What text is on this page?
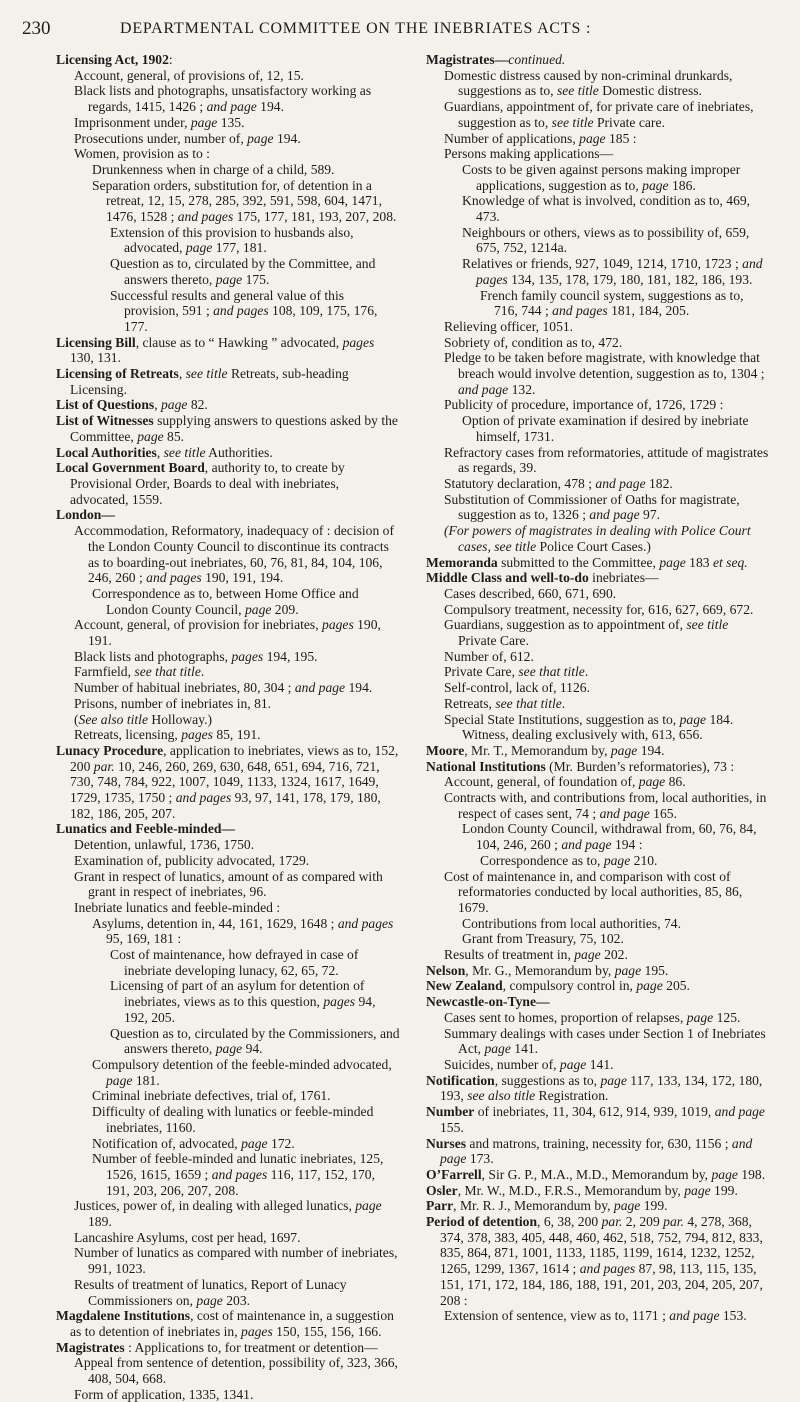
230	DEPARTMENTAL COMMITTEE ON THE INEBRIATES ACTS :

Licensing Act, 1902:

Account, general, of provisions of, 12, 15.

Black lists and photographs, unsatisfactory working as regards, 1415, 1426 ; and page 194.

Imprisonment under, page 135.

Prosecutions under, number of, page 194.

Women, provision as to :

Drunkenness when in charge of a child, 589.

Separation orders, substitution for, of detention in a retreat, 12, 15, 278, 285, 392, 591, 598, 604, 1471, 1476, 1528 ; and pages 175, 177, 181, 193, 207, 208.

Extension of this provision to husbands also, advocated, page 177, 181.

Question as to, circulated by the Committee, and answers thereto, page 175.

Successful results and general value of this provision, 591 ; and pages 108, 109, 175, 176, 177.

Licensing Bill, clause as to “ Hawking ” advocated, pages 130, 131.

Licensing of Retreats, see title Retreats, sub-heading Licensing.

List of Questions, page 82.

List of Witnesses supplying answers to questions asked by the Committee, page 85.

Local Authorities, see title Authorities.

Local Government Board, authority to, to create by Provisional Order, Boards to deal with inebriates, advocated, 1559.

London—

Accommodation, Reformatory, inadequacy of : decision of the London County Council to discontinue its contracts as to boarding-out inebriates, 60, 76, 81, 84, 104, 106, 246, 260 ; and pages 190, 191, 194.

Correspondence as to, between Home Office and London County Council, page 209.

Account, general, of provision for inebriates, pages 190, 191.

Black lists and photographs, pages 194, 195.

Farmfield, see that title.

Number of habitual inebriates, 80, 304 ; and page 194.

Prisons, number of inebriates in, 81.

(See also title Holloway.)

Retreats, licensing, pages 85, 191.

Lunacy Procedure, application to inebriates, views as to, 152, 200 par. 10, 246, 260, 269, 630, 648, 651, 694, 716, 721, 730, 748, 784, 922, 1007, 1049, 1133, 1324, 1617, 1649, 1729, 1735, 1750 ; and pages 93, 97, 141, 178, 179, 180, 182, 186, 205, 207.

Lunatics and Feeble-minded—

Detention, unlawful, 1736, 1750.

Examination of, publicity advocated, 1729.

Grant in respect of lunatics, amount of as compared with grant in respect of inebriates, 96.

Inebriate lunatics and feeble-minded :

Asylums, detention in, 44, 161, 1629, 1648 ; and pages 95, 169, 181 :

Cost of maintenance, how defrayed in case of inebriate developing lunacy, 62, 65, 72.

Licensing of part of an asylum for detention of inebriates, views as to this question, pages 94, 192, 205.

Question as to, circulated by the Commissioners, and answers thereto, page 94.

Compulsory detention of the feeble-minded advocated, page 181.

Criminal inebriate defectives, trial of, 1761.

Difficulty of dealing with lunatics or feeble-minded inebriates, 1160.

Notification of, advocated, page 172.

Number of feeble-minded and lunatic inebriates, 125, 1526, 1615, 1659 ; and pages 116, 117, 152, 170, 191, 203, 206, 207, 208.

Justices, power of, in dealing with alleged lunatics, page 189.

Lancashire Asylums, cost per head, 1697.

Number of lunatics as compared with number of inebriates, 991, 1023.

Results of treatment of lunatics, Report of Lunacy Commissioners on, page 203.

Magdalene Institutions, cost of maintenance in, a suggestion as to detention of inebriates in, pages 150, 155, 156, 166.

Magistrates : Applications to, for treatment or detention—

Appeal from sentence of detention, possibility of, 323, 366, 408, 504, 668.

Form of application, 1335, 1341.

Magistrates—continued.

Domestic distress caused by non-criminal drunkards, suggestions as to, see title Domestic distress.

Guardians, appointment of, for private care of inebriates, suggestion as to, see title Private care.

Number of applications, page 185 :

Persons making applications—

Costs to be given against persons making improper applications, suggestion as to, page 186.

Knowledge of what is involved, condition as to, 469, 473.

Neighbours or others, views as to possibility of, 659, 675, 752, 1214a.

Relatives or friends, 927, 1049, 1214, 1710, 1723 ; and pages 134, 135, 178, 179, 180, 181, 182, 186, 193.

French family council system, suggestions as to, 716, 744 ; and pages 181, 184, 205.

Relieving officer, 1051.

Sobriety of, condition as to, 472.

Pledge to be taken before magistrate, with knowledge that breach would involve detention, suggestion as to, 1304 ; and page 132.

Publicity of procedure, importance of, 1726, 1729 :

Option of private examination if desired by inebriate himself, 1731.

Refractory cases from reformatories, attitude of magistrates as regards, 39.

Statutory declaration, 478 ; and page 182.

Substitution of Commissioner of Oaths for magistrate, suggestion as to, 1326 ; and page 97.

(For powers of magistrates in dealing with Police Court cases, see title Police Court Cases.)

Memoranda submitted to the Committee, page 183 et seq.

Middle Class and well-to-do inebriates—

Cases described, 660, 671, 690.

Compulsory treatment, necessity for, 616, 627, 669, 672.

Guardians, suggestion as to appointment of, see title Private Care.

Number of, 612.

Private Care, see that title.

Self-control, lack of, 1126.

Retreats, see that title.

Special State Institutions, suggestion as to, page 184.

Witness, dealing exclusively with, 613, 656.

Moore, Mr. T., Memorandum by, page 194.

National Institutions (Mr. Burden’s reformatories), 73 :

Account, general, of foundation of, page 86.

Contracts with, and contributions from, local authorities, in respect of cases sent, 74 ; and page 165.

London County Council, withdrawal from, 60, 76, 84, 104, 246, 260 ; and page 194 :

Correspondence as to, page 210.

Cost of maintenance in, and comparison with cost of reformatories conducted by local authorities, 85, 86, 1679.

Contributions from local authorities, 74.

Grant from Treasury, 75, 102.

Results of treatment in, page 202.

Nelson, Mr. G., Memorandum by, page 195.

New Zealand, compulsory control in, page 205.

Newcastle-on-Tyne—

Cases sent to homes, proportion of relapses, page 125.

Summary dealings with cases under Section 1 of Inebriates Act, page 141.

Suicides, number of, page 141.

Notification, suggestions as to, page 117, 133, 134, 172, 180, 193, see also title Registration.

Number of inebriates, 11, 304, 612, 914, 939, 1019, and page 155.

Nurses and matrons, training, necessity for, 630, 1156 ; and page 173.

O’Farrell, Sir G. P., M.A., M.D., Memorandum by, page 198.

Osler, Mr. W., M.D., F.R.S., Memorandum by, page 199.

Parr, Mr. R. J., Memorandum by, page 199.

Period of detention, 6, 38, 200 par. 2, 209 par. 4, 278, 368, 374, 378, 383, 405, 448, 460, 462, 518, 752, 794, 812, 833, 835, 864, 871, 1001, 1133, 1185, 1199, 1614, 1232, 1252, 1265, 1299, 1367, 1614 ; and pages 87, 98, 113, 115, 135, 151, 171, 172, 184, 186, 188, 191, 201, 203, 204, 205, 207, 208 :

Extension of sentence, view as to, 1171 ; and page 153.
